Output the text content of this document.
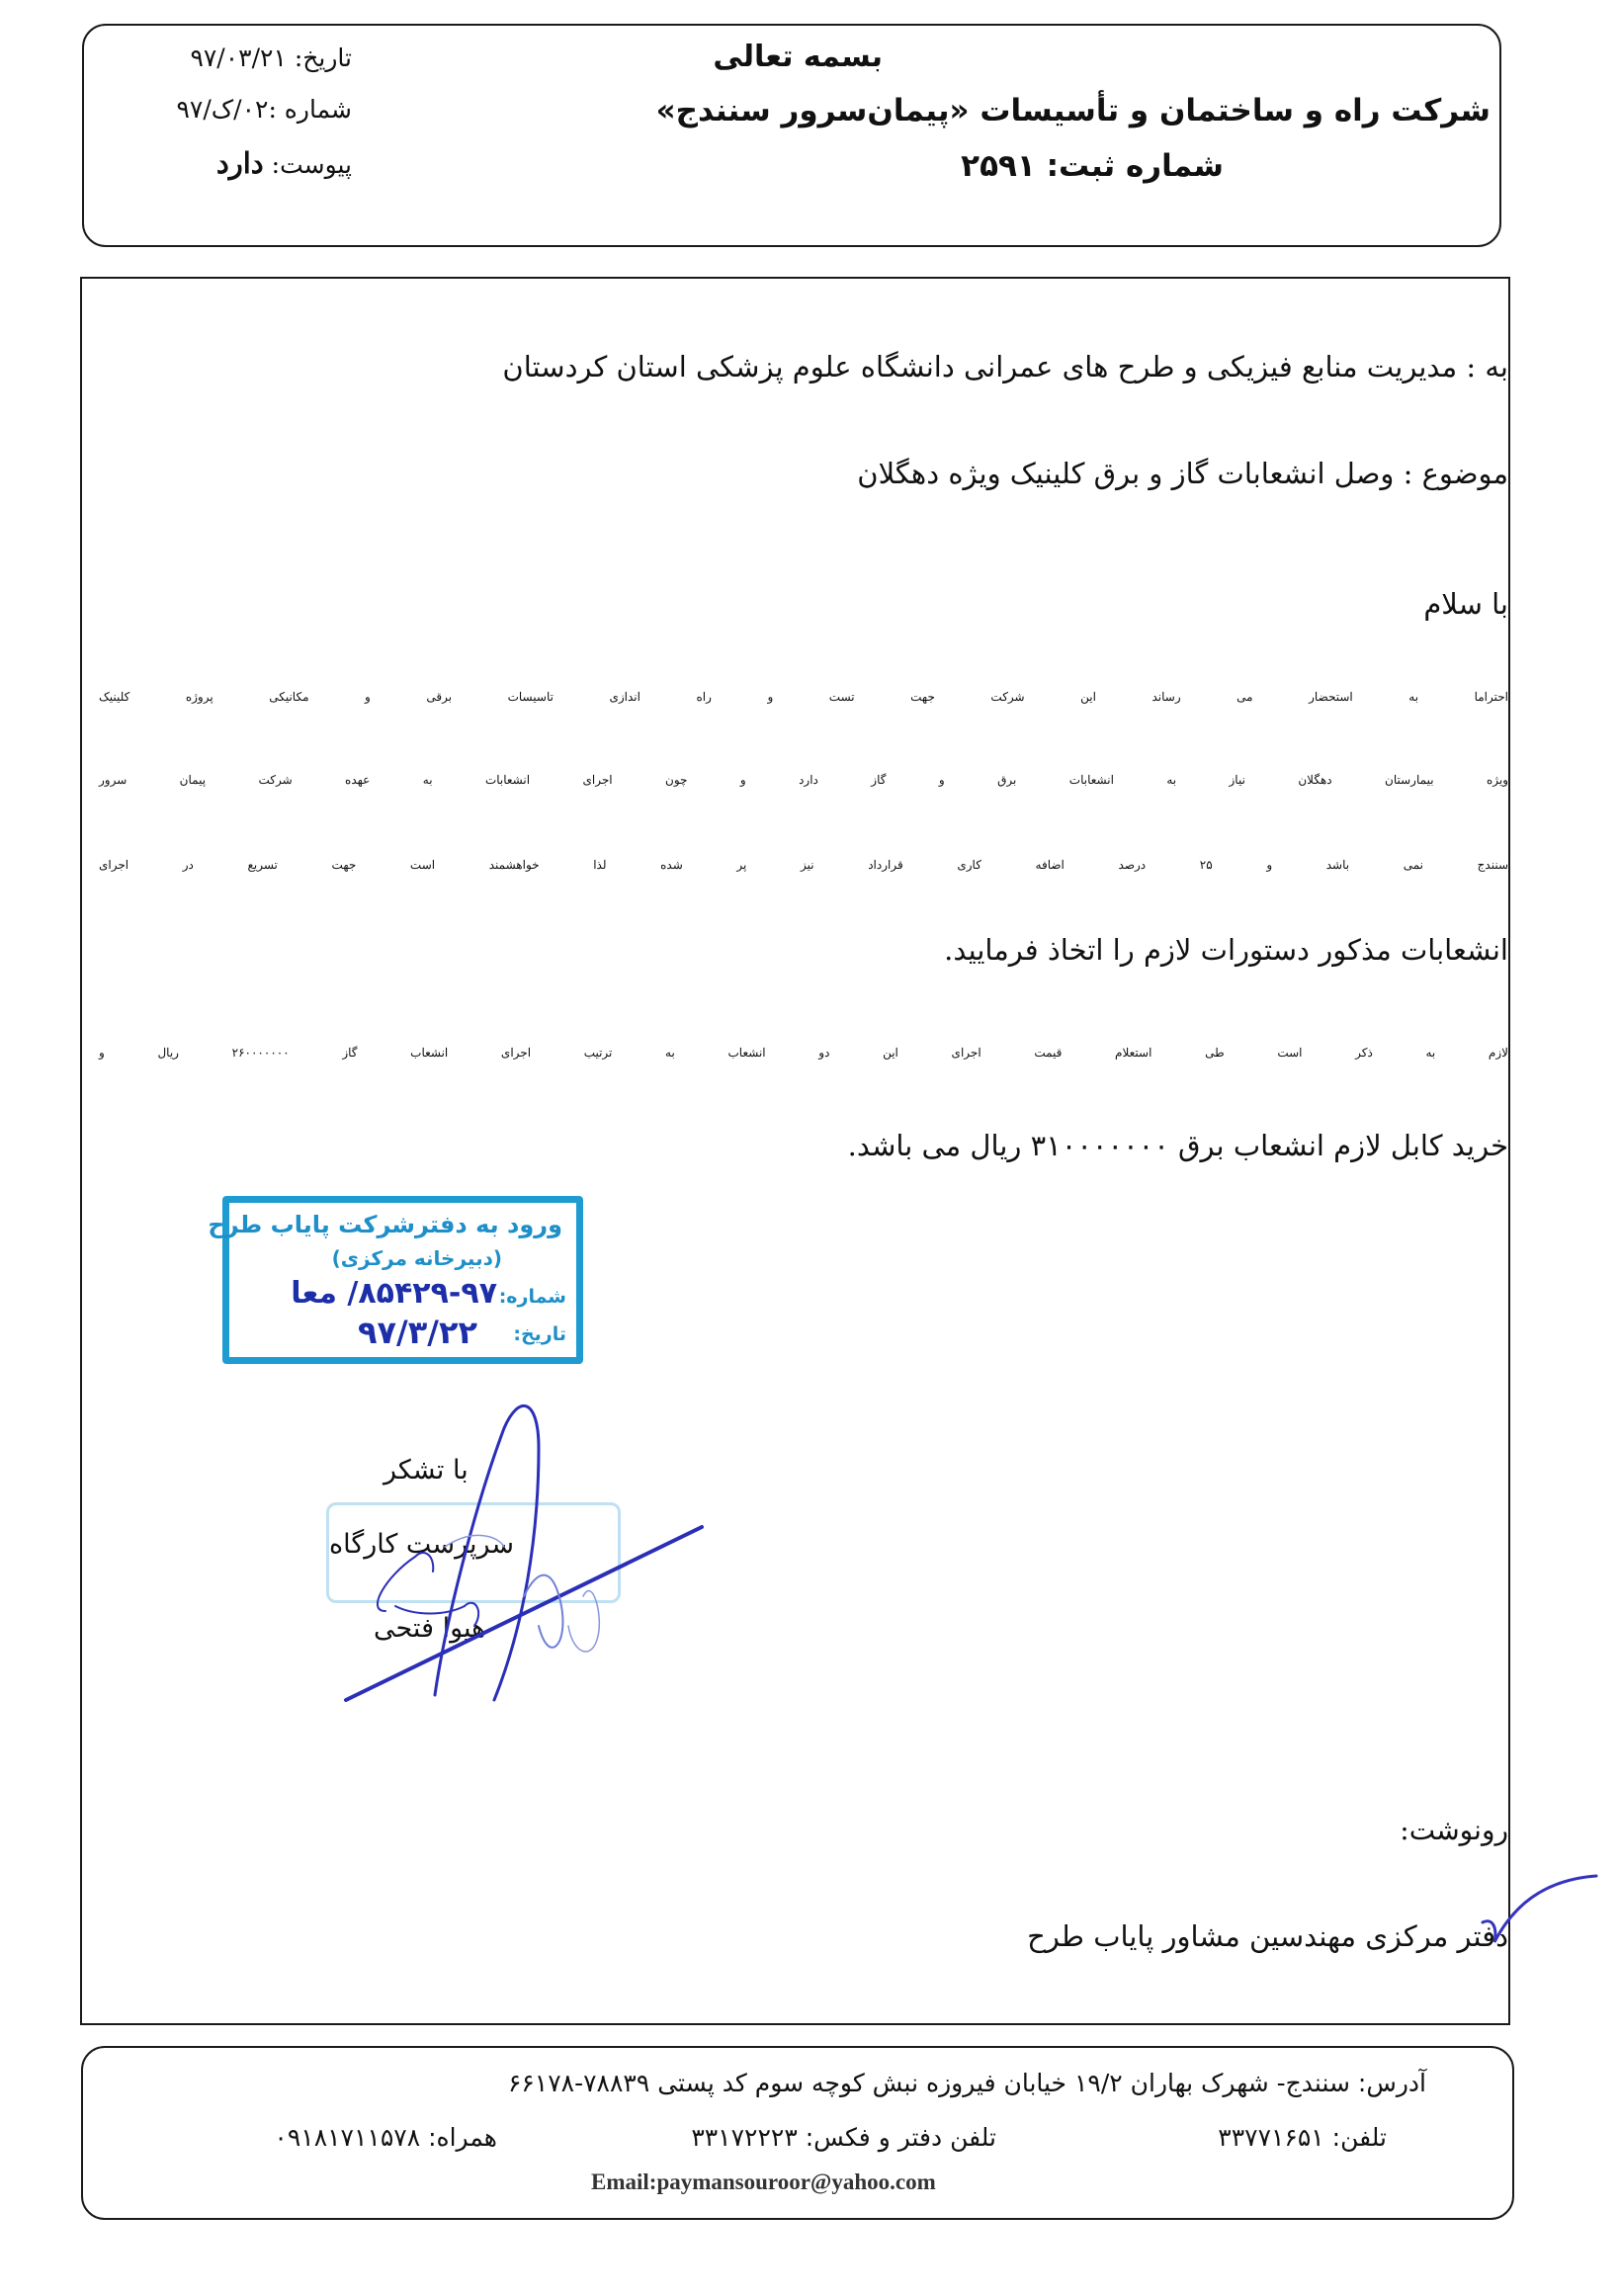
بسمه تعالی
شرکت راه و ساختمان و تأسیسات «پیمان‌سرور سنندج»
شماره ثبت: ۲۵۹۱
تاریخ: ۹۷/۰۳/۲۱
شماره :۰۲/ک/۹۷
پیوست: دارد
به : مدیریت منابع فیزیکی و طرح های عمرانی دانشگاه علوم پزشکی استان کردستان
موضوع : وصل انشعابات گاز و برق کلینیک ویژه دهگلان
با سلام
احتراما به استحضار می رساند این شرکت جهت تست و راه اندازی تاسیسات برقی و مکانیکی پروژه کلینیک
ویژه بیمارستان دهگلان نیاز به انشعابات برق و گاز دارد و چون اجرای انشعابات به عهده شرکت پیمان سرور
سنندج نمی باشد و ۲۵ درصد اضافه کاری قرارداد نیز پر شده لذا خواهشمند است جهت تسریع در اجرای
انشعابات مذکور دستورات لازم را اتخاذ فرمایید.
لازم به ذکر است طی استعلام قیمت اجرای این دو انشعاب به ترتیب اجرای انشعاب گاز ۲۶۰۰۰۰۰۰۰ ریال و
خرید کابل لازم انشعاب برق ۳۱۰۰۰۰۰۰۰ ریال می باشد.
ورود به دفترشرکت پایاب طرح
(دبیرخانه مرکزی)
شماره:
۸۵۴۲۹-۹۷/ معا
تاریخ:
۹۷/۳/۲۲
با تشکر
سرپرست کارگاه
هیوا فتحی
رونوشت:
دفتر مرکزی مهندسین مشاور پایاب طرح
آدرس: سنندج- شهرک بهاران ۱۹/۲ خیابان فیروزه نبش کوچه سوم کد پستی ۷۸۸۳۹-۶۶۱۷۸
تلفن: ۳۳۷۷۱۶۵۱
تلفن دفتر و فکس: ۳۳۱۷۲۲۲۳
همراه: ۰۹۱۸۱۷۱۱۵۷۸
Email:paymansouroor@yahoo.com
